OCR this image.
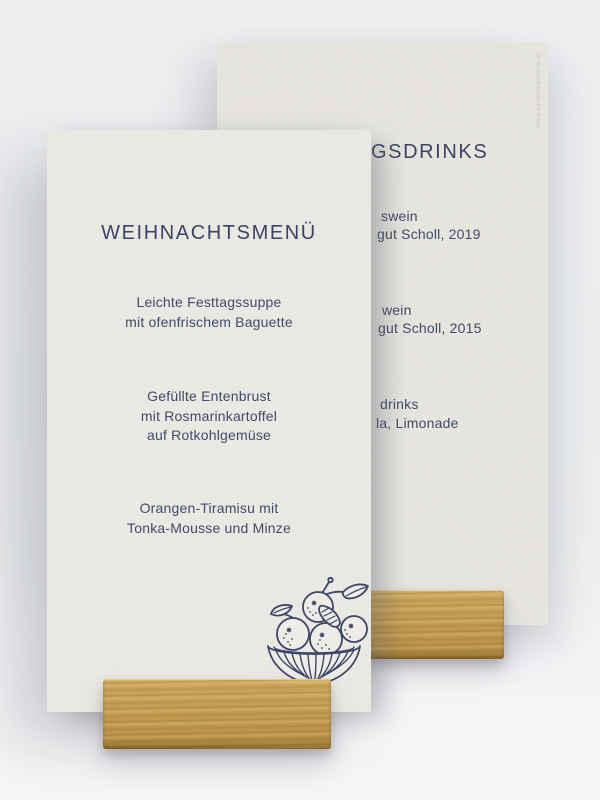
GSDRINKS
swein
gut Scholl, 2019
wein
gut Scholl, 2015
drinks
la, Limonade
www.kartenmacherei.at
WEIHNACHTSMENÜ
Leichte Festtagssuppe
mit ofenfrischem Baguette
Gefüllte Entenbrust
mit Rosmarinkartoffel
auf Rotkohlgemüse
Orangen-Tiramisu mit
Tonka-Mousse und Minze
